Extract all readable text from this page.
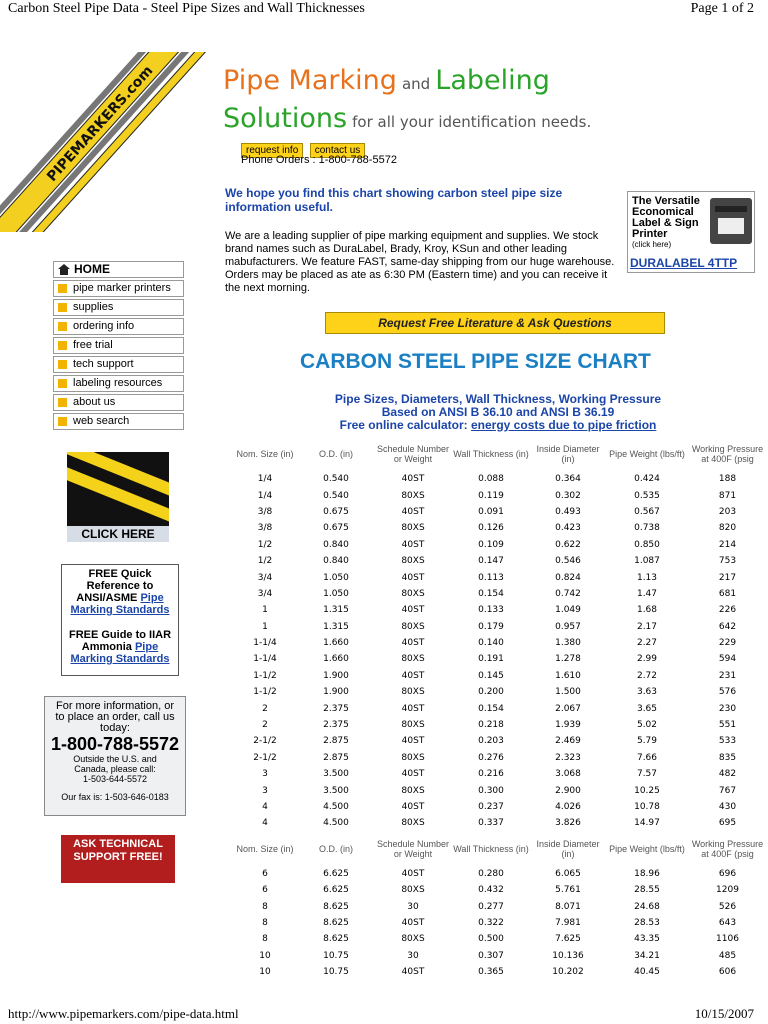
Carbon Steel Pipe Data - Steel Pipe Sizes and Wall Thicknesses	Page 1 of 2
PIPEMARKERS.com Pipe Marking and Labeling
Solutions for all your identification needs.
request info contact us
Phone Orders : 1-800-788-5572
We hope you find this chart showing carbon steel pipe size information useful.
We are a leading supplier of pipe marking equipment and supplies. We stock brand names such as DuraLabel, Brady, Kroy, KSun and other leading mabufacturers. We feature FAST, same-day shipping from our huge warehouse. Orders may be placed as ate as 6:30 PM (Eastern time) and you can receive it the next morning.
The Versatile Economical Label & Sign Printer
(click here)
DURALABEL 4TTP
HOME
pipe marker printers
supplies
ordering info
free trial
tech support
labeling resources
about us
web search
CLICK HERE

FREE Quick Reference to ANSI/ASME Pipe Marking Standards

FREE Guide to IIAR Ammonia Pipe Marking Standards

For more information, or to place an order, call us today:
1-800-788-5572
Outside the U.S. and Canada, please call:
1-503-644-5572
Our fax is: 1-503-646-0183
ASK TECHNICAL SUPPORT FREE!
Request Free Literature & Ask Questions
CARBON STEEL PIPE SIZE CHART
Pipe Sizes, Diameters, Wall Thickness, Working Pressure
Based on ANSI B 36.10 and ANSI B 36.19
Free online calculator: energy costs due to pipe friction
Nom. Size (in)	O.D. (in)	Schedule Number or Weight	Wall Thickness (in)	Inside Diameter (in)	Pipe Weight (lbs/ft)	Working Pressure at 400F (psig
1/4	0.540	40ST	0.088	0.364	0.424	188
1/4	0.540	80XS	0.119	0.302	0.535	871
3/8	0.675	40ST	0.091	0.493	0.567	203
3/8	0.675	80XS	0.126	0.423	0.738	820
1/2	0.840	40ST	0.109	0.622	0.850	214
1/2	0.840	80XS	0.147	0.546	1.087	753
3/4	1.050	40ST	0.113	0.824	1.13	217
3/4	1.050	80XS	0.154	0.742	1.47	681
1	1.315	40ST	0.133	1.049	1.68	226
1	1.315	80XS	0.179	0.957	2.17	642
1-1/4	1.660	40ST	0.140	1.380	2.27	229
1-1/4	1.660	80XS	0.191	1.278	2.99	594
1-1/2	1.900	40ST	0.145	1.610	2.72	231
1-1/2	1.900	80XS	0.200	1.500	3.63	576
2	2.375	40ST	0.154	2.067	3.65	230
2	2.375	80XS	0.218	1.939	5.02	551
2-1/2	2.875	40ST	0.203	2.469	5.79	533
2-1/2	2.875	80XS	0.276	2.323	7.66	835
3	3.500	40ST	0.216	3.068	7.57	482
3	3.500	80XS	0.300	2.900	10.25	767
4	4.500	40ST	0.237	4.026	10.78	430
4	4.500	80XS	0.337	3.826	14.97	695
Nom. Size (in)	O.D. (in)	Schedule Number or Weight	Wall Thickness (in)	Inside Diameter (in)	Pipe Weight (lbs/ft)	Working Pressure at 400F (psig
6	6.625	40ST	0.280	6.065	18.96	696
6	6.625	80XS	0.432	5.761	28.55	1209
8	8.625	30	0.277	8.071	24.68	526
8	8.625	40ST	0.322	7.981	28.53	643
8	8.625	80XS	0.500	7.625	43.35	1106
10	10.75	30	0.307	10.136	34.21	485
10	10.75	40ST	0.365	10.202	40.45	606
http://www.pipemarkers.com/pipe-data.html	10/15/2007
